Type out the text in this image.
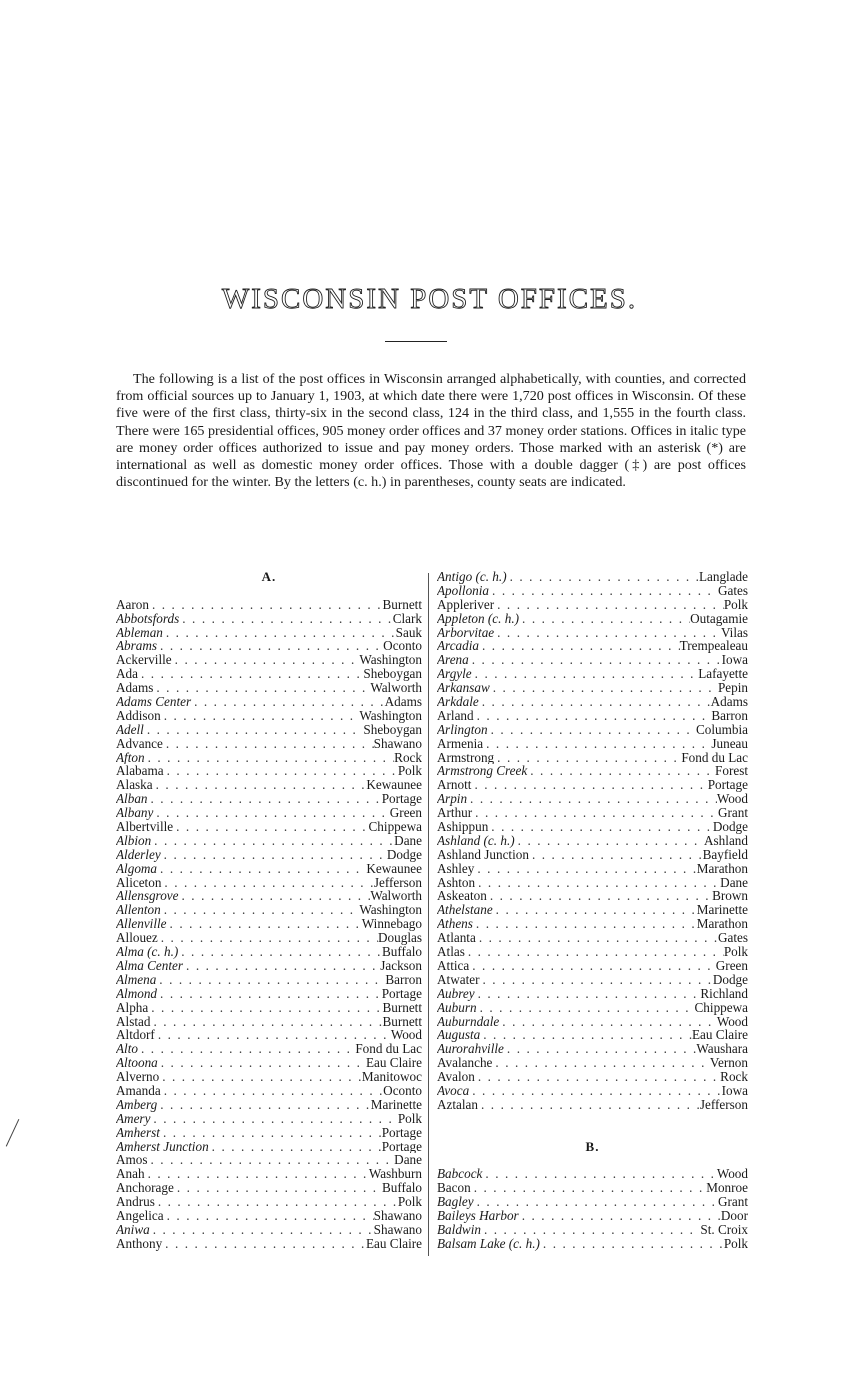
WISCONSIN POST OFFICES.

The following is a list of the post offices in Wisconsin arranged alphabetically, with counties, and corrected from official sources up to January 1, 1903, at which date there were 1,720 post offices in Wisconsin. Of these five were of the first class, thirty-six in the second class, 124 in the third class, and 1,555 in the fourth class. There were 165 presidential offices, 905 money order offices and 37 money order stations. Offices in italic type are money order offices authorized to issue and pay money orders. Those marked with an asterisk (*) are international as well as domestic money order offices. Those with a double dagger (‡) are post offices discontinued for the winter. By the letters (c. h.) in parentheses, county seats are indicated.

A.
Aaron . . .	Burnett
Abbotsfords . . .	Clark
Ableman . . .	Sauk
Abrams . . .	Oconto
Ackerville . . .	Washington
Ada . . .	Sheboygan
Adams . . .	Walworth
Adams Center . . .	Adams
Addison . . .	Washington
Adell . . .	Sheboygan
Advance . . .	Shawano
Afton . . .	Rock
Alabama . . .	Polk
Alaska . . .	Kewaunee
Alban . . .	Portage
Albany . . .	Green
Albertville . . .	Chippewa
Albion . . .	Dane
Alderley . . .	Dodge
Algoma . . .	Kewaunee
Aliceton . . .	Jefferson
Allensgrove . . .	Walworth
Allenton . . .	Washington
Allenville . . .	Winnebago
Allouez . . .	Douglas
Alma (c. h.) . . .	Buffalo
Alma Center . . .	Jackson
Almena . . .	Barron
Almond . . .	Portage
Alpha . . .	Burnett
Alstad . . .	Burnett
Altdorf . . .	Wood
Alto . . .	Fond du Lac
Altoona . . .	Eau Claire
Alverno . . .	Manitowoc
Amanda . . .	Oconto
Amberg . . .	Marinette
Amery . . .	Polk
Amherst . . .	Portage
Amherst Junction . . .	Portage
Amos . . .	Dane
Anah . . .	Washburn
Anchorage . . .	Buffalo
Andrus . . .	Polk
Angelica . . .	Shawano
Aniwa . . .	Shawano
Anthony . . .	Eau Claire
Antigo (c. h.) . . .	Langlade
Apollonia . . .	Gates
Appleriver . . .	Polk
Appleton (c. h.) . . .	Outagamie
Arborvitae . . .	Vilas
Arcadia . . .	Trempealeau
Arena . . .	Iowa
Argyle . . .	Lafayette
Arkansaw . . .	Pepin
Arkdale . . .	Adams
Arland . . .	Barron
Arlington . . .	Columbia
Armenia . . .	Juneau
Armstrong . . .	Fond du Lac
Armstrong Creek . . .	Forest
Arnott . . .	Portage
Arpin . . .	Wood
Arthur . . .	Grant
Ashippun . . .	Dodge
Ashland (c. h.) . . .	Ashland
Ashland Junction . . .	Bayfield
Ashley . . .	Marathon
Ashton . . .	Dane
Askeaton . . .	Brown
Athelstane . . .	Marinette
Athens . . .	Marathon
Atlanta . . .	Gates
Atlas . . .	Polk
Attica . . .	Green
Atwater . . .	Dodge
Aubrey . . .	Richland
Auburn . . .	Chippewa
Auburndale . . .	Wood
Augusta . . .	Eau Claire
Aurorahville . . .	Waushara
Avalanche . . .	Vernon
Avalon . . .	Rock
Avoca . . .	Iowa
Aztalan . . .	Jefferson
B.
Babcock . . .	Wood
Bacon . . .	Monroe
Bagley . . .	Grant
Baileys Harbor . . .	Door
Baldwin . . .	St. Croix
Balsam Lake (c. h.) . . .	Polk
